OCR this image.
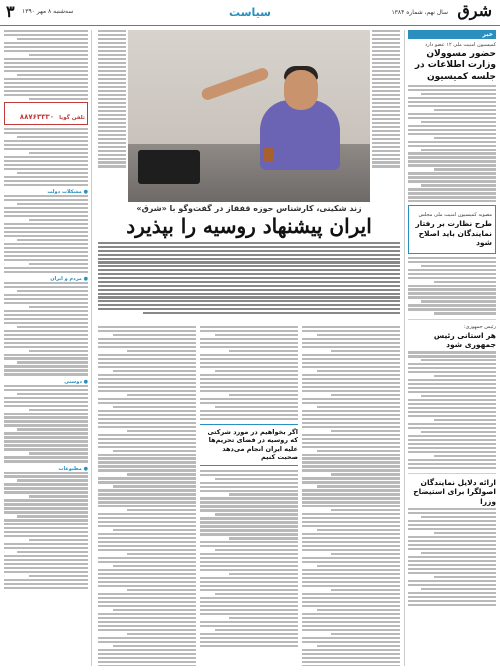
۳ سه‌شنبه ۸ مهر ۱۳۹۰	سیاست	شرق
سال نهم، شماره ۱۳۸۴
خبر
کمیسیون امنیت ملی ۱۲ عضو دارد
حضور مسوولان وزارت اطلاعات در جلسه کمیسیون
مصوبه کمیسیون امنیت ملی مجلس
طرح نظارت بر رفتار نمایندگان باید اصلاح شود
رئیس جمهوری:
هر استانی رئیس جمهوری شود
ارائه دلایل نمایندگان اصولگرا برای استیضاح وزرا
تلفن گویا ۸۸۷۶۳۳۳۰
● مشکلات دولت
● مردم و ایران
● دوستی
● مطبوعات
زند شکینی، کارشناس حوزه قفقاز در گفت‌وگو با «شرق»
ایران پیشنهاد روسیه را بپذیرد
اگر بخواهیم در مورد شرکتی که روسیه در فضای تحریم‌ها علیه ایران انجام می‌دهد صحبت کنیم
